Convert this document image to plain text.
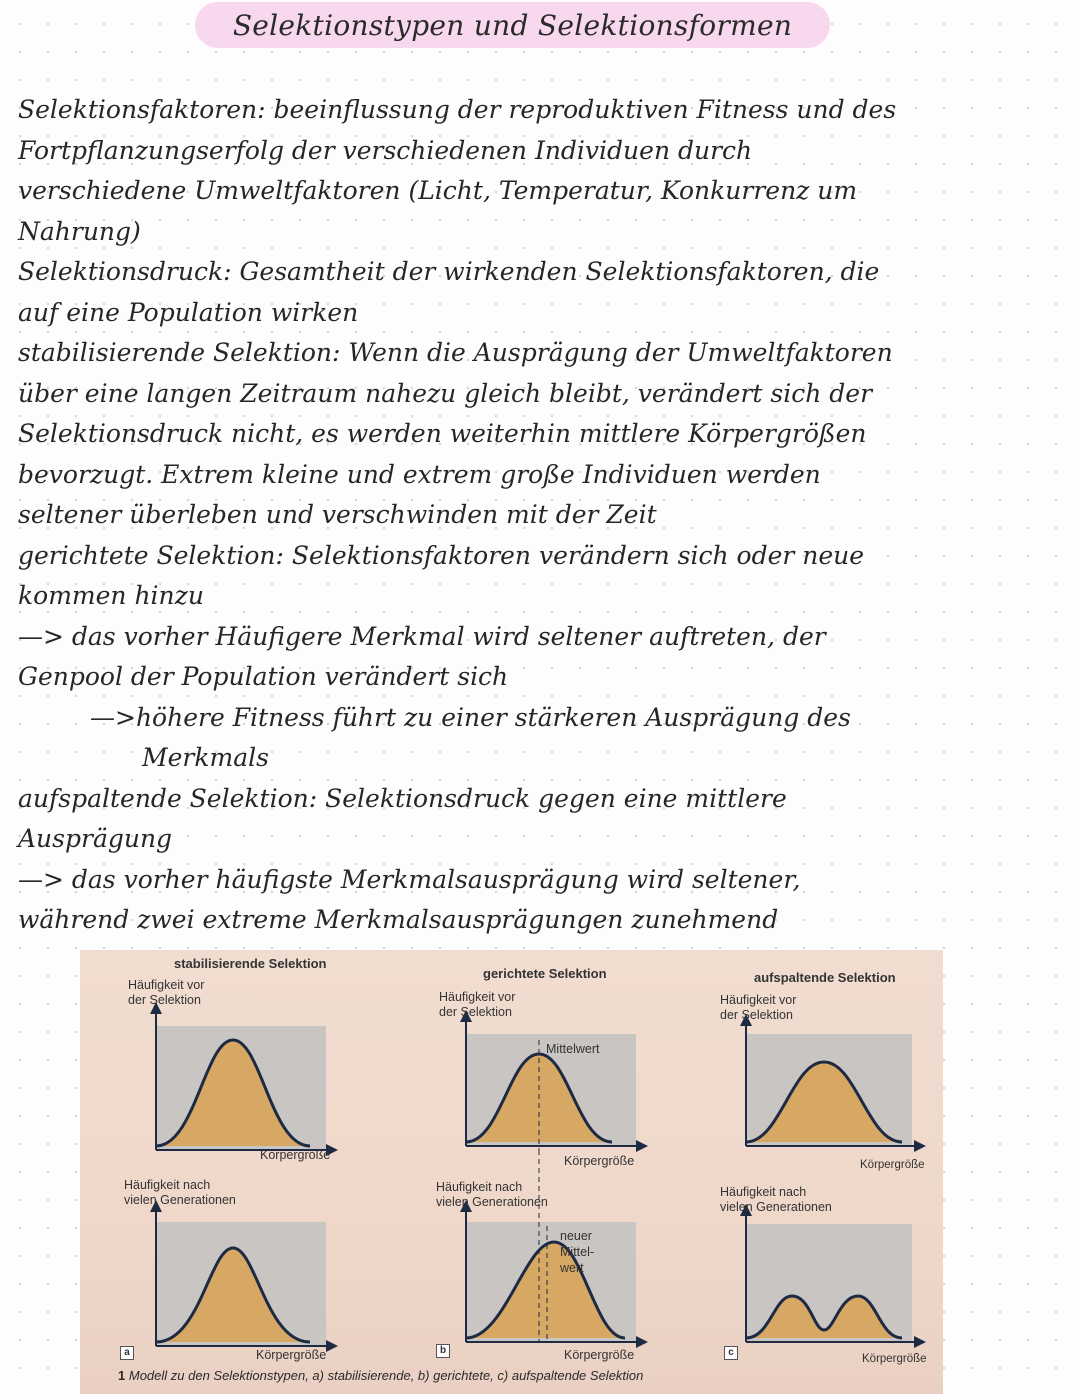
Selektionstypen und Selektionsformen

Selektionsfaktoren: beeinflussung der reproduktiven Fitness und des

Fortpflanzungserfolg der verschiedenen Individuen durch

verschiedene Umweltfaktoren (Licht, Temperatur, Konkurrenz um

Nahrung)

Selektionsdruck: Gesamtheit der wirkenden Selektionsfaktoren, die

auf eine Population wirken

stabilisierende Selektion: Wenn die Ausprägung der Umweltfaktoren

über eine langen Zeitraum nahezu gleich bleibt, verändert sich der

Selektionsdruck nicht, es werden weiterhin mittlere Körpergrößen

bevorzugt. Extrem kleine und extrem große Individuen werden

seltener überleben und verschwinden mit der Zeit

gerichtete Selektion: Selektionsfaktoren verändern sich oder neue

kommen hinzu

—> das vorher Häufigere Merkmal wird seltener auftreten, der

Genpool der Population verändert sich

—>höhere Fitness führt zu einer stärkeren Ausprägung des

Merkmals

aufspaltende Selektion: Selektionsdruck gegen eine mittlere

Ausprägung

—> das vorher häufigste Merkmalsausprägung wird seltener,

während zwei extreme Merkmalsausprägungen zunehmend

stabilisierende Selektion
Häufigkeit vor
der Selektion
Körpergröße
Häufigkeit nach
vielen Generationen
a	Körpergröße
gerichtete Selektion
Häufigkeit vor
der Selektion
Mittelwert
Körpergröße
Häufigkeit nach
vielen Generationen
neuer
Mittel-
wert
b	Körpergröße
aufspaltende Selektion
Häufigkeit vor
der Selektion
Körpergröße
Häufigkeit nach
vielen Generationen
c
Körpergröße
1 Modell zu den Selektionstypen, a) stabilisierende, b) gerichtete, c) aufspaltende Selektion
